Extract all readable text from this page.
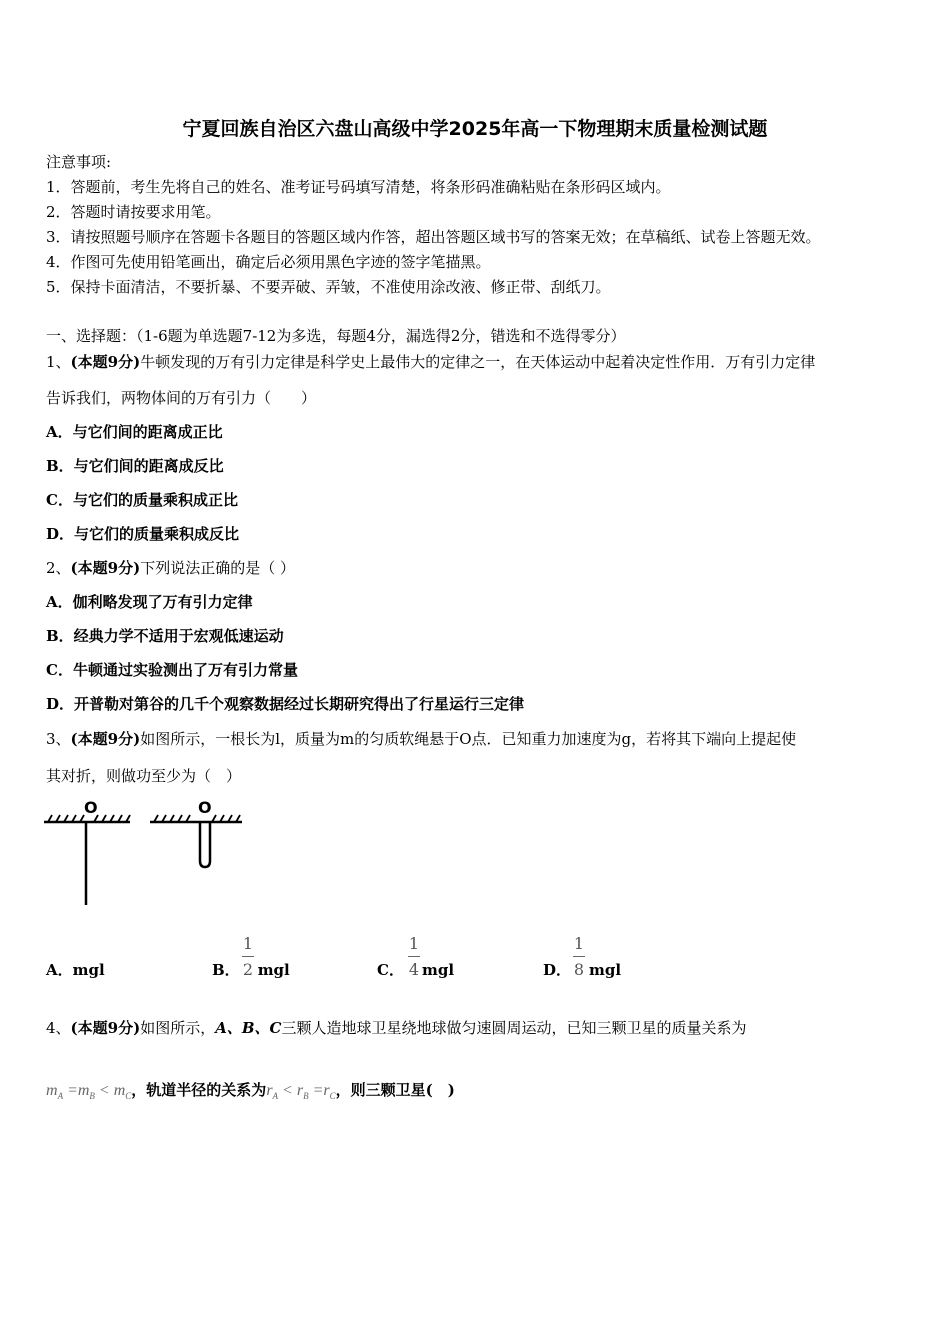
宁夏回族自治区六盘山高级中学2025年高一下物理期末质量检测试题
注意事项:
1．答题前，考生先将自己的姓名、准考证号码填写清楚，将条形码准确粘贴在条形码区域内。
2．答题时请按要求用笔。
3．请按照题号顺序在答题卡各题目的答题区域内作答，超出答题区域书写的答案无效；在草稿纸、试卷上答题无效。
4．作图可先使用铅笔画出，确定后必须用黑色字迹的签字笔描黑。
5．保持卡面清洁，不要折暴、不要弄破、弄皱，不准使用涂改液、修正带、刮纸刀。
一、选择题：（1-6题为单选题7-12为多选，每题4分，漏选得2分，错选和不选得零分）
1、(本题9分)牛顿发现的万有引力定律是科学史上最伟大的定律之一，在天体运动中起着决定性作用．万有引力定律
告诉我们，两物体间的万有引力（　　）
A．与它们间的距离成正比
B．与它们间的距离成反比
C．与它们的质量乘积成正比
D．与它们的质量乘积成反比
2、(本题9分)下列说法正确的是（ ）
A．伽利略发现了万有引力定律
B．经典力学不适用于宏观低速运动
C．牛顿通过实验测出了万有引力常量
D．开普勒对第谷的几千个观察数据经过长期研究得出了行星运行三定律
3、(本题9分)如图所示，一根长为l，质量为m的匀质软绳悬于O点．已知重力加速度为g，若将其下端向上提起使
其对折，则做功至少为（　）
O	O
A．mgl	B． mgl
1
2	C． mgl
1
4	D． mgl
1
8
4、(本题9分)如图所示，A、B、C三颗人造地球卫星绕地球做匀速圆周运动，已知三颗卫星的质量关系为
$m_A =m_B < m_C$，轨道半径的关系为$r_A < r_B =r_C$，则三颗卫星(　)
